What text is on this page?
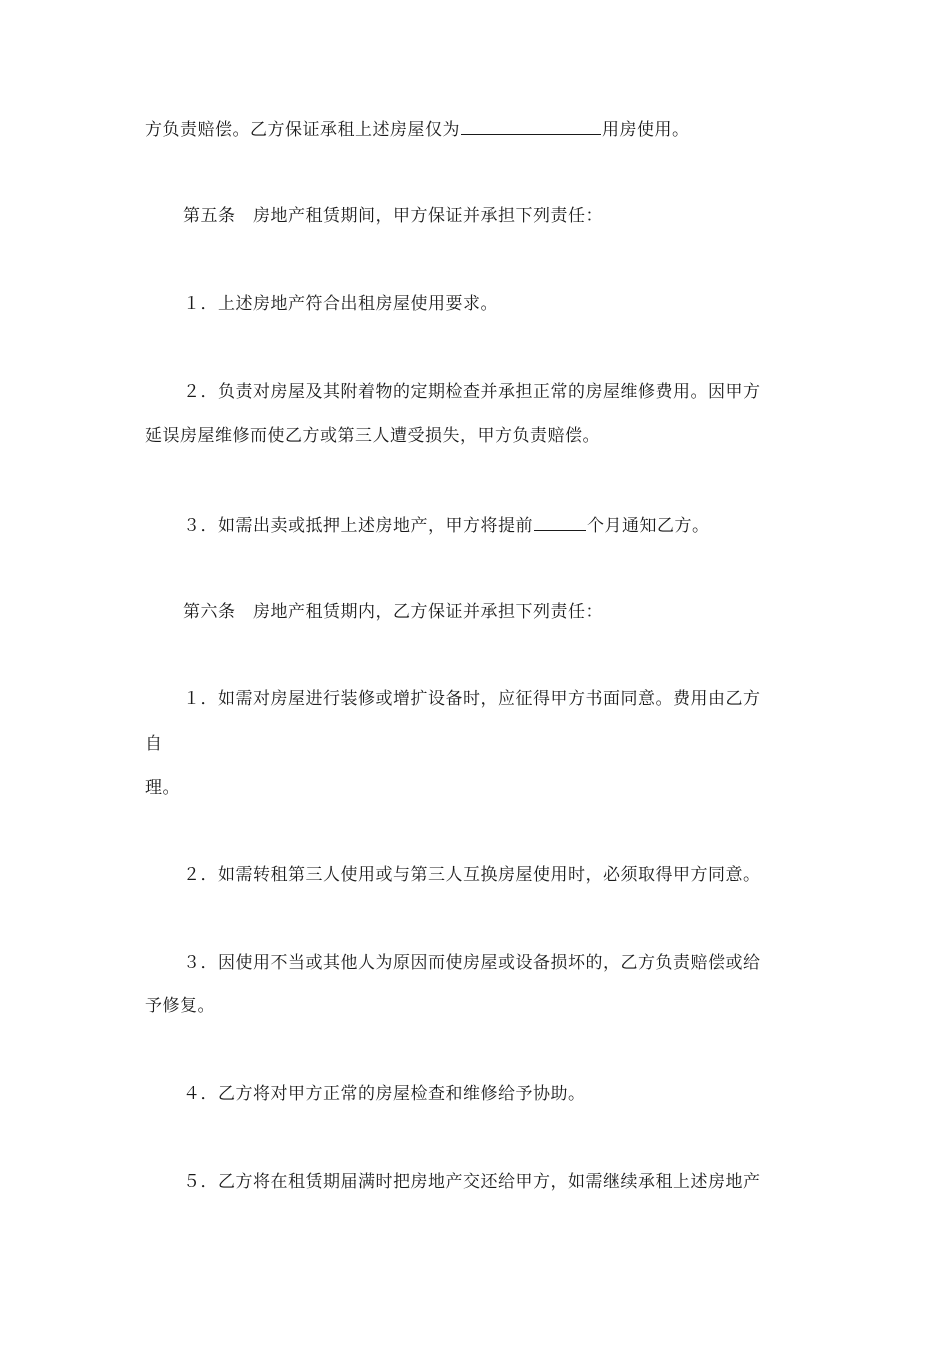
方负责赔偿。乙方保证承租上述房屋仅为	用房使用。
第五条　房地产租赁期间，甲方保证并承担下列责任：
１．上述房地产符合出租房屋使用要求。
２．负责对房屋及其附着物的定期检查并承担正常的房屋维修费用。因甲方
延误房屋维修而使乙方或第三人遭受损失，甲方负责赔偿。
３．如需出卖或抵押上述房地产，甲方将提前	个月通知乙方。
第六条　房地产租赁期内，乙方保证并承担下列责任：
１．如需对房屋进行装修或增扩设备时，应征得甲方书面同意。费用由乙方
自
理。
２．如需转租第三人使用或与第三人互换房屋使用时，必须取得甲方同意。
３．因使用不当或其他人为原因而使房屋或设备损坏的，乙方负责赔偿或给
予修复。
４．乙方将对甲方正常的房屋检查和维修给予协助。
５．乙方将在租赁期届满时把房地产交还给甲方，如需继续承租上述房地产
